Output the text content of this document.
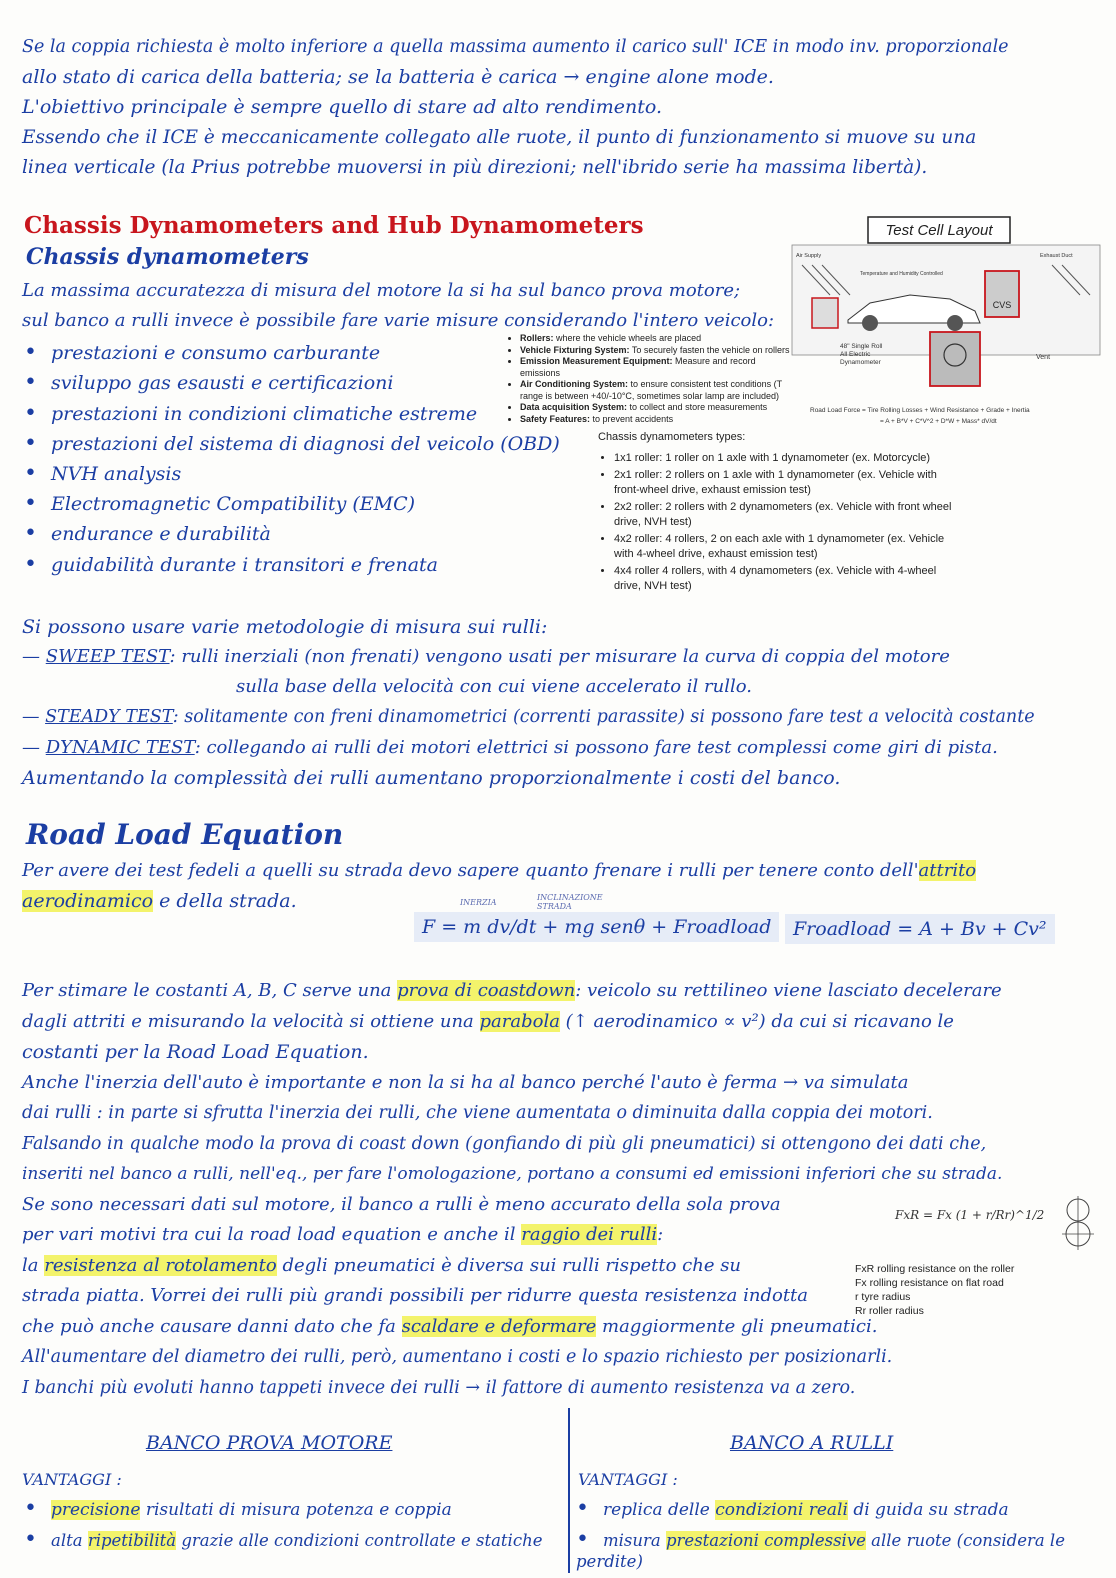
Se la coppia richiesta è molto inferiore a quella massima aumento il carico sull' ICE in modo inv. proporzionale
allo stato di carica della batteria; se la batteria è carica → engine alone mode.
L'obiettivo principale è sempre quello di stare ad alto rendimento.
Essendo che il ICE è meccanicamente collegato alle ruote, il punto di funzionamento si muove su una
linea verticale (la Prius potrebbe muoversi in più direzioni; nell'ibrido serie ha massima libertà).
Chassis Dynamometers and Hub Dynamometers
Chassis dynamometers
La massima accuratezza di misura del motore la si ha sul banco prova motore;
sul banco a rulli invece è possibile fare varie misure considerando l'intero veicolo:
• prestazioni e consumo carburante
• sviluppo gas esausti e certificazioni
• prestazioni in condizioni climatiche estreme
• prestazioni del sistema di diagnosi del veicolo (OBD)
• NVH analysis
• Electromagnetic Compatibility (EMC)
• endurance e durabilità
• guidabilità durante i transitori e frenata
• Rollers: where the vehicle wheels are placed
• Vehicle Fixturing System: To securely fasten the vehicle on rollers
• Emission Measurement Equipment: Measure and record emissions
• Air Conditioning System: to ensure consistent test conditions (T range is between +40/-10°C, sometimes solar lamp are included)
• Data acquisition System: to collect and store measurements
• Safety Features: to prevent accidents
Test Cell Layout
Air Supply	Exhaust Duct
Temperature and Humidity Controlled
CVS
Vent
48" Single Roll
All Electric
Dynamometer
Road Load Force = Tire Rolling Losses + Wind Resistance + Grade + Inertia
= A + B*V + C*V^2 + D*W + Mass* dV/dt
Chassis dynamometers types:
• 1x1 roller: 1 roller on 1 axle with 1 dynamometer (ex. Motorcycle)
• 2x1 roller: 2 rollers on 1 axle with 1 dynamometer (ex. Vehicle with front-wheel drive, exhaust emission test)
• 2x2 roller: 2 rollers with 2 dynamometers (ex. Vehicle with front wheel drive, NVH test)
• 4x2 roller: 4 rollers, 2 on each axle with 1 dynamometer (ex. Vehicle with 4-wheel drive, exhaust emission test)
• 4x4 roller 4 rollers, with 4 dynamometers (ex. Vehicle with 4-wheel drive, NVH test)
Si possono usare varie metodologie di misura sui rulli:
— SWEEP TEST: rulli inerziali (non frenati) vengono usati per misurare la curva di coppia del motore
sulla base della velocità con cui viene accelerato il rullo.
— STEADY TEST: solitamente con freni dinamometrici (correnti parassite) si possono fare test a velocità costante
— DYNAMIC TEST: collegando ai rulli dei motori elettrici si possono fare test complessi come giri di pista.
Aumentando la complessità dei rulli aumentano proporzionalmente i costi del banco.
Road Load Equation
Per avere dei test fedeli a quelli su strada devo sapere quanto frenare i rulli per tenere conto dell'attrito
aerodinamico e della strada.	INERZIA
INCLINAZIONE STRADA
F = m dv/dt + mg senθ + Froadload	Froadload = A + Bv + Cv²
Per stimare le costanti A, B, C serve una prova di coastdown: veicolo su rettilineo viene lasciato decelerare
dagli attriti e misurando la velocità si ottiene una parabola (↑ aerodinamico ∝ v²) da cui si ricavano le
costanti per la Road Load Equation.
Anche l'inerzia dell'auto è importante e non la si ha al banco perché l'auto è ferma → va simulata
dai rulli : in parte si sfrutta l'inerzia dei rulli, che viene aumentata o diminuita dalla coppia dei motori.
Falsando in qualche modo la prova di coast down (gonfiando di più gli pneumatici) si ottengono dei dati che,
inseriti nel banco a rulli, nell'eq., per fare l'omologazione, portano a consumi ed emissioni inferiori che su strada.
Se sono necessari dati sul motore, il banco a rulli è meno accurato della sola prova
per vari motivi tra cui la road load equation e anche il raggio dei rulli:
la resistenza al rotolamento degli pneumatici è diversa sui rulli rispetto che su
strada piatta. Vorrei dei rulli più grandi possibili per ridurre questa resistenza indotta
che può anche causare danni dato che fa scaldare e deformare maggiormente gli pneumatici.
All'aumentare del diametro dei rulli, però, aumentano i costi e lo spazio richiesto per posizionarli.
I banchi più evoluti hanno tappeti invece dei rulli → il fattore di aumento resistenza va a zero.
FxR = Fx (1 + r/Rr)^1/2
FxR rolling resistance on the roller
Fx rolling resistance on flat road
r tyre radius
Rr roller radius
BANCO PROVA MOTORE	BANCO A RULLI
VANTAGGI :	VANTAGGI :
• precisione risultati di misura potenza e coppia
• alta ripetibilità grazie alle condizioni controllate e statiche
• replica delle condizioni reali di guida su strada
• misura prestazioni complessive alle ruote (considera le perdite)
